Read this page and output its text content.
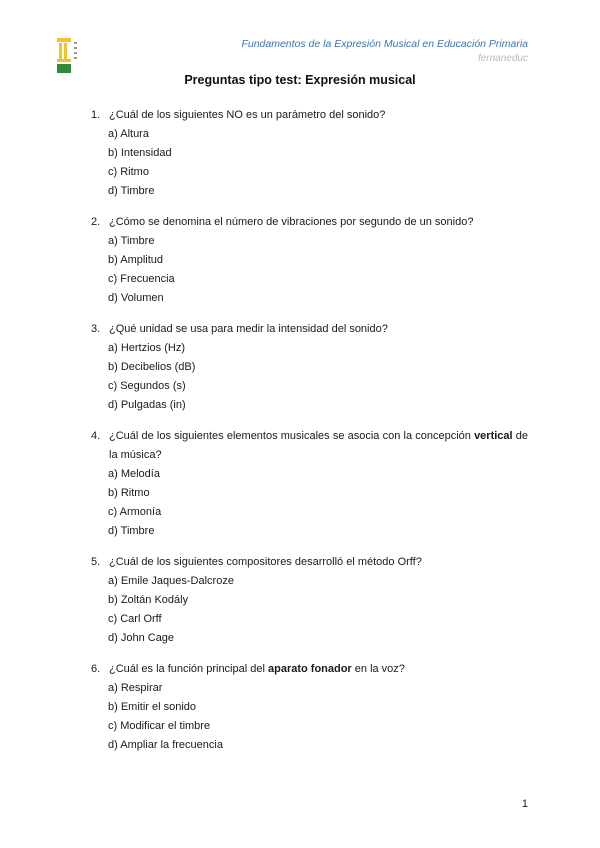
Fundamentos de la Expresión Musical en Educación Primaria
fernaneduc
Preguntas tipo test: Expresión musical
1. ¿Cuál de los siguientes NO es un parámetro del sonido?
a) Altura
b) Intensidad
c) Ritmo
d) Timbre
2. ¿Cómo se denomina el número de vibraciones por segundo de un sonido?
a) Timbre
b) Amplitud
c) Frecuencia
d) Volumen
3. ¿Qué unidad se usa para medir la intensidad del sonido?
a) Hertzios (Hz)
b) Decibelios (dB)
c) Segundos (s)
d) Pulgadas (in)
4. ¿Cuál de los siguientes elementos musicales se asocia con la concepción vertical de la música?
a) Melodía
b) Ritmo
c) Armonía
d) Timbre
5. ¿Cuál de los siguientes compositores desarrolló el método Orff?
a) Emile Jaques-Dalcroze
b) Zoltán Kodály
c) Carl Orff
d) John Cage
6. ¿Cuál es la función principal del aparato fonador en la voz?
a) Respirar
b) Emitir el sonido
c) Modificar el timbre
d) Ampliar la frecuencia
1
